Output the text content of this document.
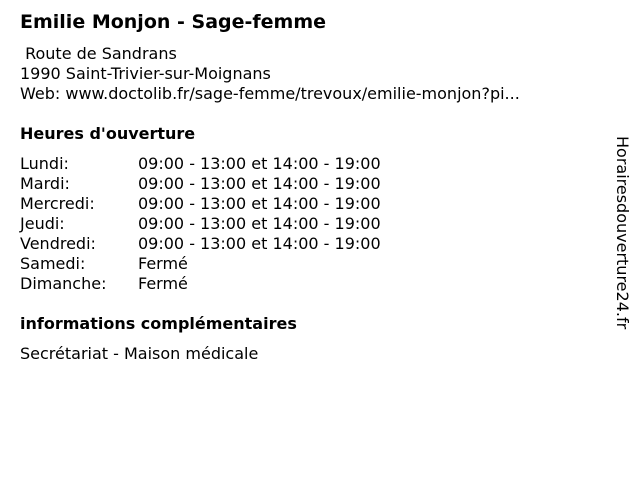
Emilie Monjon - Sage-femme
Route de Sandrans
1990 Saint-Trivier-sur-Moignans
Web: www.doctolib.fr/sage-femme/trevoux/emilie-monjon?pi...
Heures d'ouverture
Lundi:	09:00 - 13:00 et 14:00 - 19:00
Mardi:	09:00 - 13:00 et 14:00 - 19:00
Mercredi:	09:00 - 13:00 et 14:00 - 19:00
Jeudi:	09:00 - 13:00 et 14:00 - 19:00
Vendredi:	09:00 - 13:00 et 14:00 - 19:00
Samedi:	Fermé
Dimanche: Fermé
informations complémentaires
Secrétariat - Maison médicale
Horairesdouverture24.fr
